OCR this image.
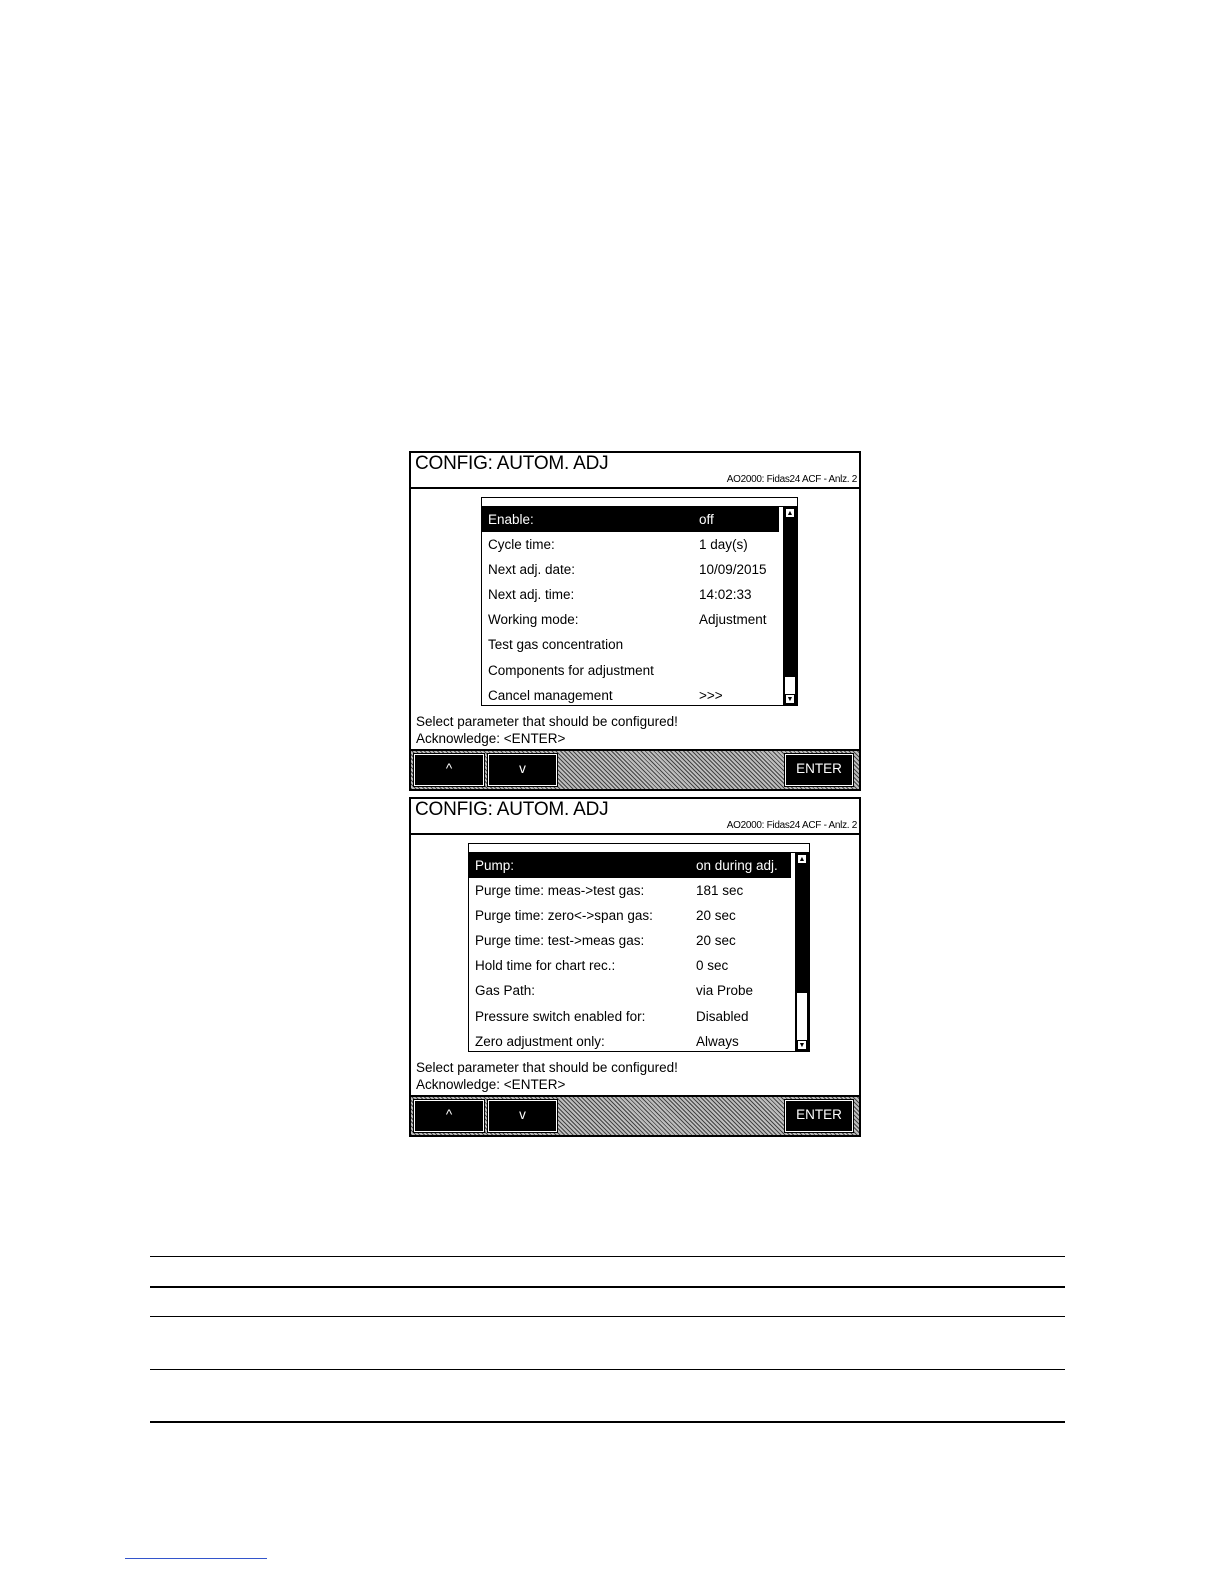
CONFIG: AUTOM. ADJ
AO2000: Fidas24 ACF - Anlz. 2
Enable:	off
Cycle time:	1 day(s)
Next adj. date:	10/09/2015
Next adj. time:	14:02:33
Working mode:	Adjustment
Test gas concentration
Components for adjustment
Cancel management	>>>
▲
▼
Select parameter that should be configured!
Acknowledge: <ENTER>
^	v	ENTER
CONFIG: AUTOM. ADJ
AO2000: Fidas24 ACF - Anlz. 2
Pump:	on during adj.
Purge time: meas->test gas:	181 sec
Purge time: zero<->span gas:	20 sec
Purge time: test->meas gas:	20 sec
Hold time for chart rec.:	0 sec
Gas Path:	via Probe
Pressure switch enabled for:	Disabled
Zero adjustment only:	Always
▲
▼
Select parameter that should be configured!
Acknowledge: <ENTER>
^	v	ENTER
